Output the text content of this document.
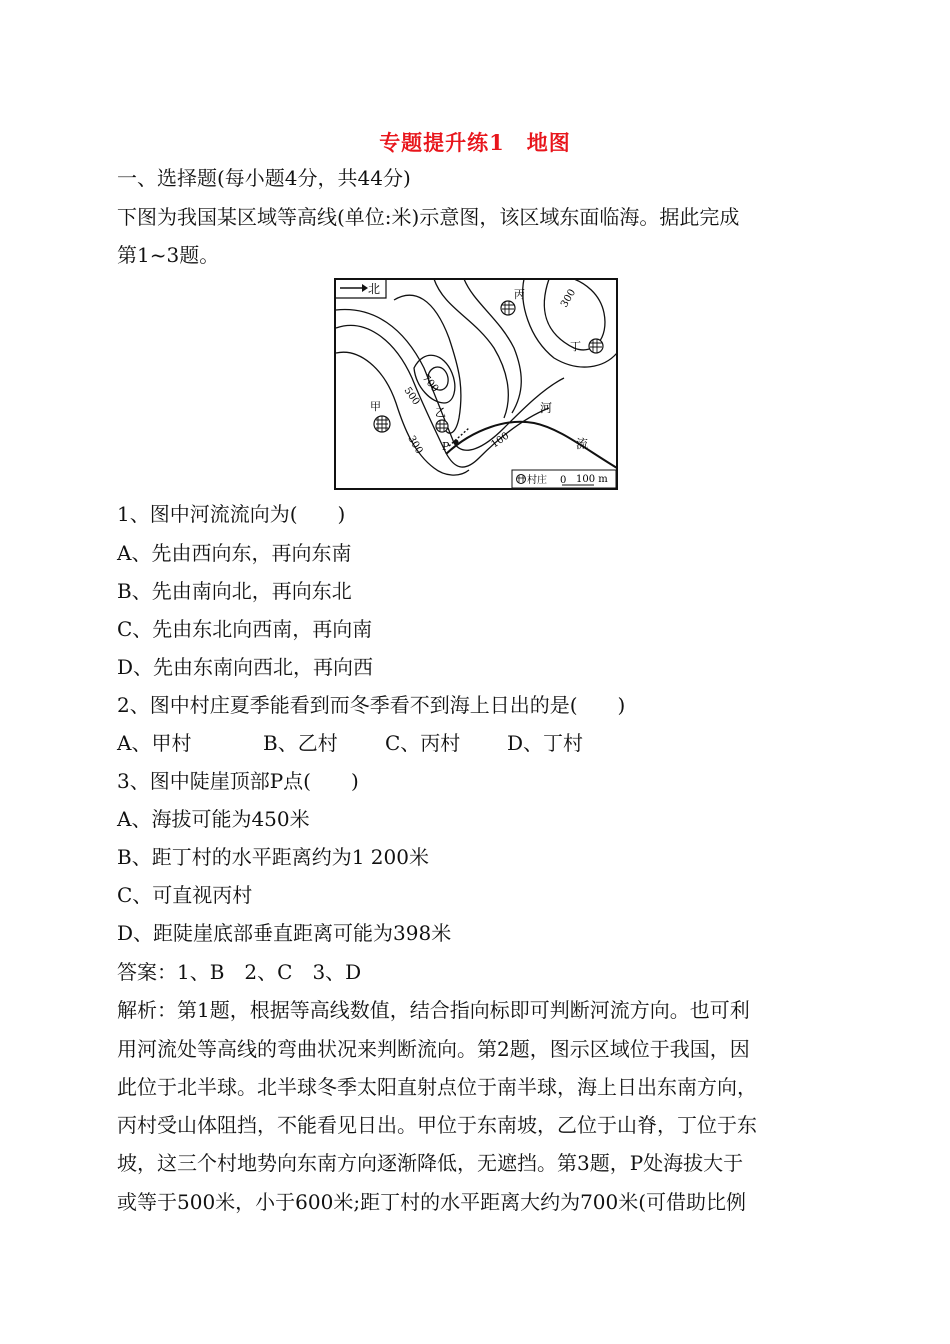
专题提升练1　地图
一、选择题(每小题4分，共44分)
下图为我国某区域等高线(单位:米)示意图，该区域东面临海。据此完成
第1~3题。
北
P
甲	乙
丙
丁
100
300
300
500
700
河
流
村庄 0 100 m
1、图中河流流向为(　　)
A、先由西向东，再向东南
B、先由南向北，再向东北
C、先由东北向西南，再向南
D、先由东南向西北，再向西
2、图中村庄夏季能看到而冬季看不到海上日出的是(　　)
A、甲村	B、乙村 C、丙村 D、丁村
3、图中陡崖顶部P点(　　)
A、海拔可能为450米
B、距丁村的水平距离约为1 200米
C、可直视丙村
D、距陡崖底部垂直距离可能为398米
答案：1、B　2、C　3、D
解析：第1题，根据等高线数值，结合指向标即可判断河流方向。也可利
用河流处等高线的弯曲状况来判断流向。第2题，图示区域位于我国，因
此位于北半球。北半球冬季太阳直射点位于南半球，海上日出东南方向，
丙村受山体阻挡，不能看见日出。甲位于东南坡，乙位于山脊，丁位于东
坡，这三个村地势向东南方向逐渐降低，无遮挡。第3题，P处海拔大于
或等于500米，小于600米;距丁村的水平距离大约为700米(可借助比例
